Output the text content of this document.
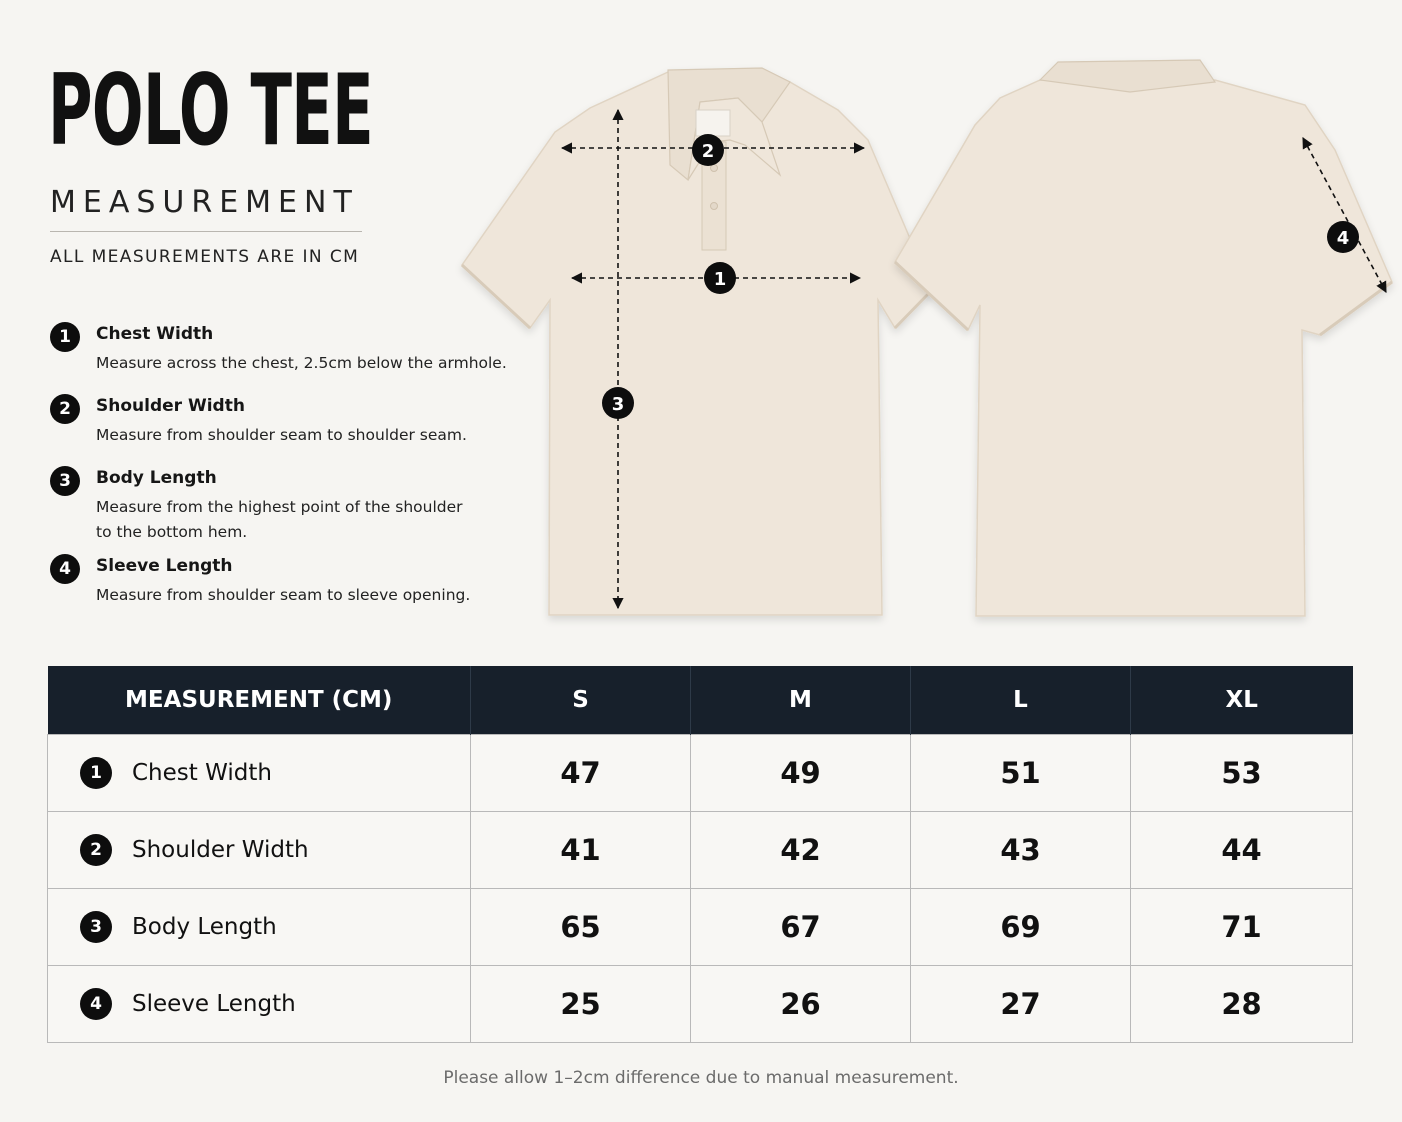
POLO TEE
MEASUREMENT
ALL MEASUREMENTS ARE IN CM
1	Chest Width
Measure across the chest, 2.5cm below the armhole.
2	Shoulder Width
Measure from shoulder seam to shoulder seam.
3	Body Length
Measure from the highest point of the shoulder to the bottom hem.
4	Sleeve Length
Measure from shoulder seam to sleeve opening.
1
2
3
4
MEASUREMENT (CM)	S	M	L	XL
1 Chest Width	47	49	51	53
2 Shoulder Width	41	42	43	44
3 Body Length	65	67	69	71
4 Sleeve Length	25	26	27	28
Please allow 1–2cm difference due to manual measurement.
